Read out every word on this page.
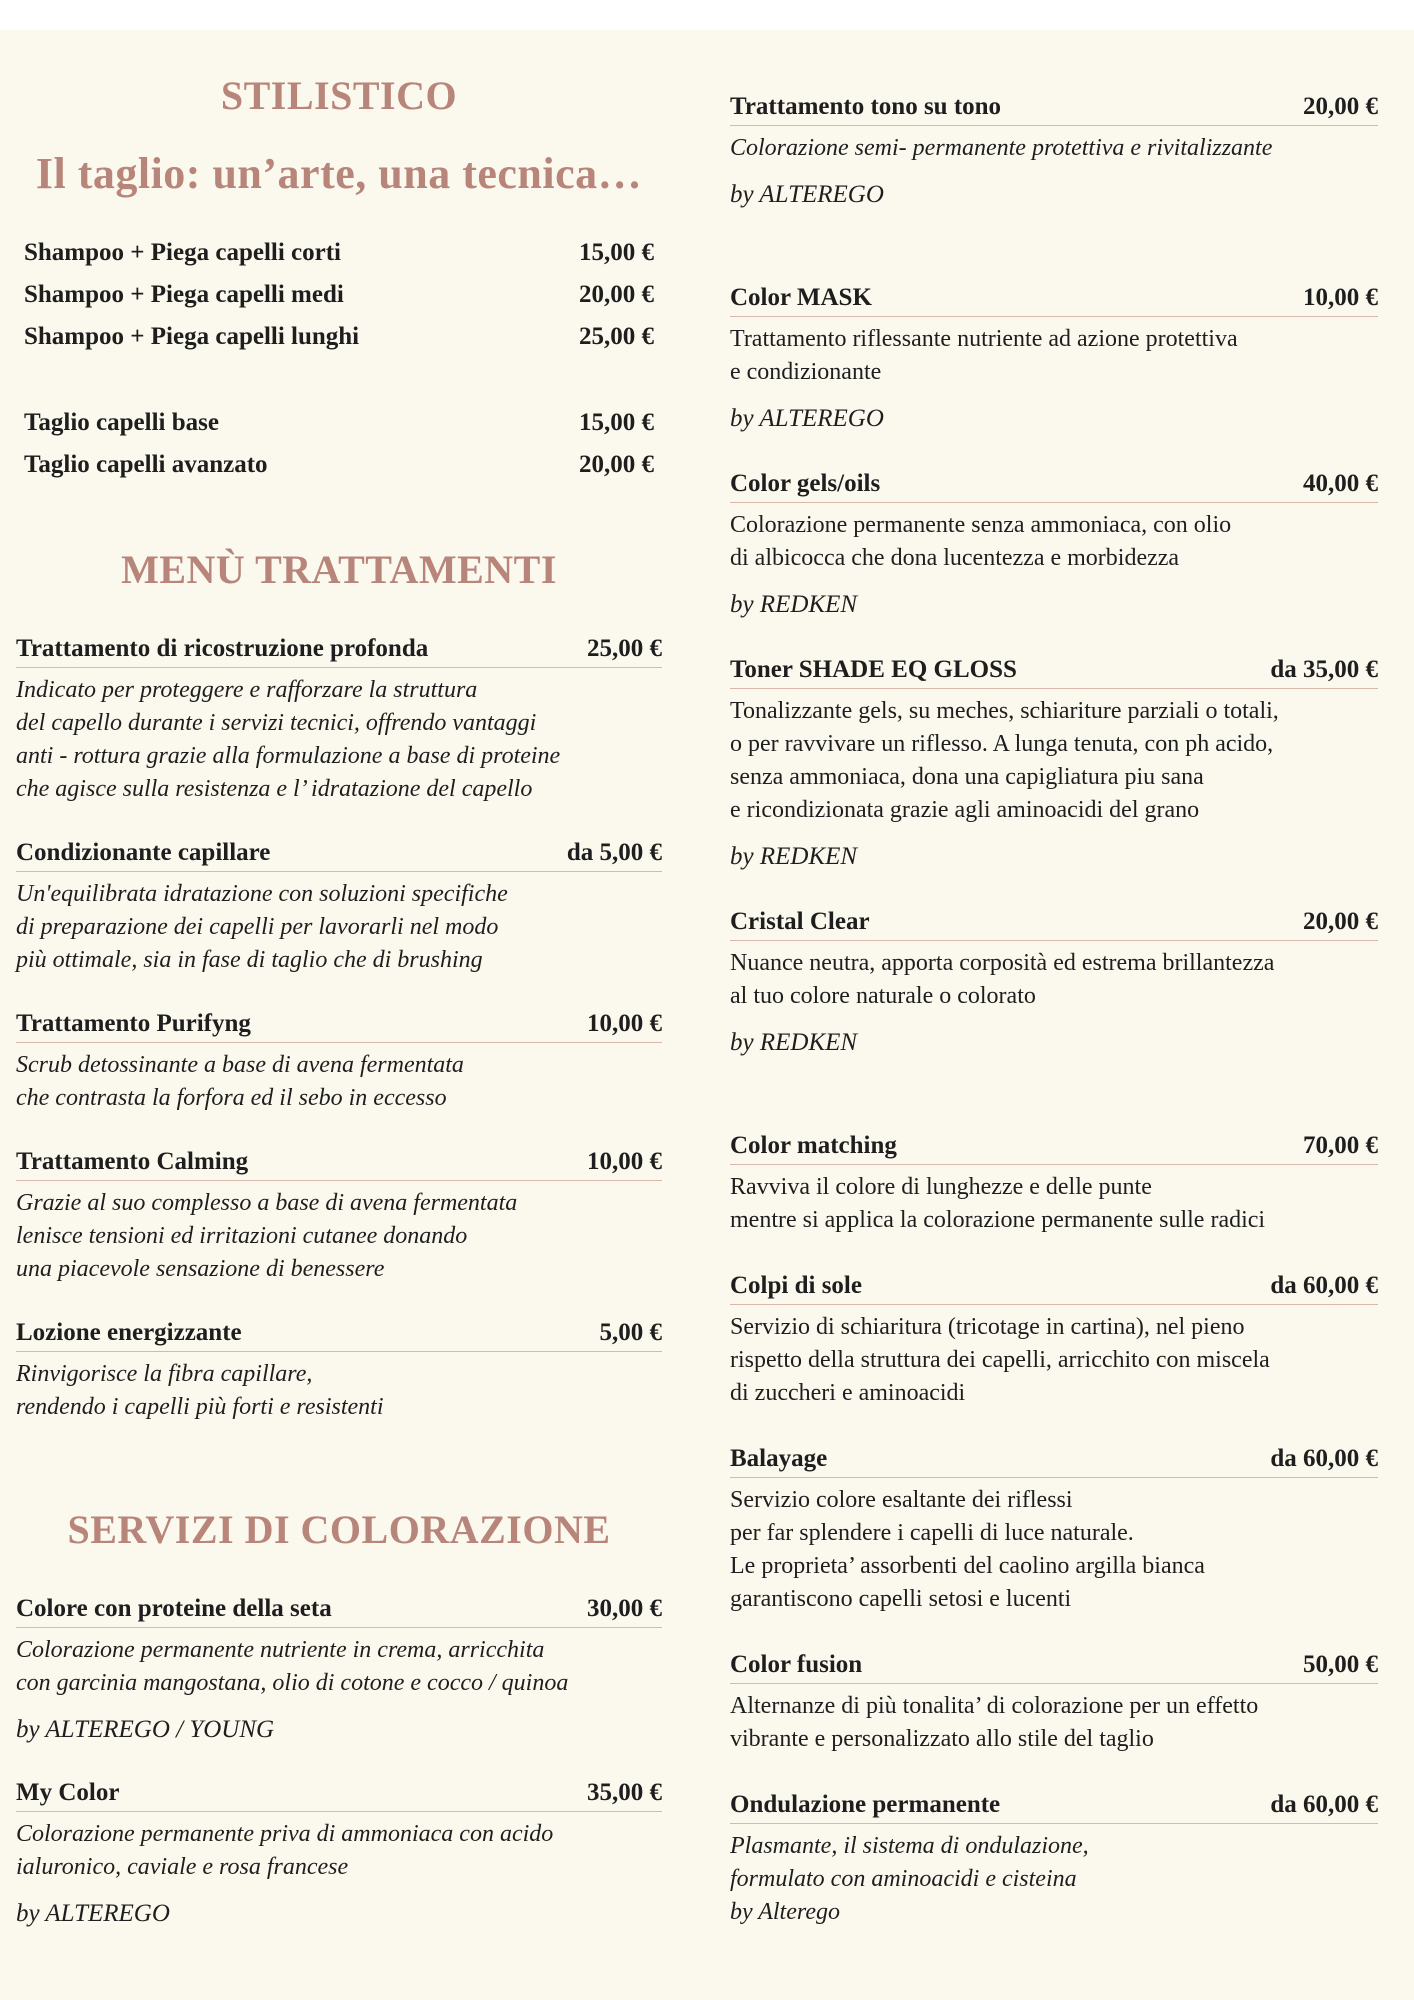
STILISTICO
Il taglio: un’arte, una tecnica…
Shampoo + Piega capelli corti	15,00 €
Shampoo + Piega capelli medi	20,00 €
Shampoo + Piega capelli lunghi	25,00 €
Taglio capelli base	15,00 €
Taglio capelli avanzato	20,00 €
MENÙ TRATTAMENTI
Trattamento di ricostruzione profonda	25,00 €
Indicato per proteggere e rafforzare la struttura
del capello durante i servizi tecnici, offrendo vantaggi
anti - rottura grazie alla formulazione a base di proteine
che agisce sulla resistenza e l’ idratazione del capello
Condizionante capillare	da 5,00 €
Un'equilibrata idratazione con soluzioni specifiche
di preparazione dei capelli per lavorarli nel modo
più ottimale, sia in fase di taglio che di brushing
Trattamento Purifyng	10,00 €
Scrub detossinante a base di avena fermentata
che contrasta la forfora ed il sebo in eccesso
Trattamento Calming	10,00 €
Grazie al suo complesso a base di avena fermentata
lenisce tensioni ed irritazioni cutanee donando
una piacevole sensazione di benessere
Lozione energizzante	5,00 €
Rinvigorisce la fibra capillare,
rendendo i capelli più forti e resistenti
SERVIZI DI COLORAZIONE
Colore con proteine della seta	30,00 €
Colorazione permanente nutriente in crema, arricchita
con garcinia mangostana, olio di cotone e cocco / quinoa
by ALTEREGO / YOUNG
My Color	35,00 €
Colorazione permanente priva di ammoniaca con acido
ialuronico, caviale e rosa francese
by ALTEREGO
Trattamento tono su tono	20,00 €
Colorazione semi- permanente protettiva e rivitalizzante
by ALTEREGO
Color MASK	10,00 €
Trattamento riflessante nutriente ad azione protettiva
e condizionante
by ALTEREGO
Color gels/oils	40,00 €
Colorazione permanente senza ammoniaca, con olio
di albicocca che dona lucentezza e morbidezza
by REDKEN
Toner SHADE EQ GLOSS	da 35,00 €
Tonalizzante gels, su meches, schiariture parziali o totali,
o per ravvivare un riflesso. A lunga tenuta, con ph acido,
senza ammoniaca, dona una capigliatura piu sana
e ricondizionata grazie agli aminoacidi del grano
by REDKEN
Cristal Clear	20,00 €
Nuance neutra, apporta corposità ed estrema brillantezza
al tuo colore naturale o colorato
by REDKEN
Color matching	70,00 €
Ravviva il colore di lunghezze e delle punte
mentre si applica la colorazione permanente sulle radici
Colpi di sole	da 60,00 €
Servizio di schiaritura (tricotage in cartina), nel pieno
rispetto della struttura dei capelli, arricchito con miscela
di zuccheri e aminoacidi
Balayage	da 60,00 €
Servizio colore esaltante dei riflessi
per far splendere i capelli di luce naturale.
Le proprieta’ assorbenti del caolino argilla bianca
garantiscono capelli setosi e lucenti
Color fusion	50,00 €
Alternanze di più tonalita’ di colorazione per un effetto
vibrante e personalizzato allo stile del taglio
Ondulazione permanente	da 60,00 €
Plasmante, il sistema di ondulazione,
formulato con aminoacidi e cisteina
by Alterego
